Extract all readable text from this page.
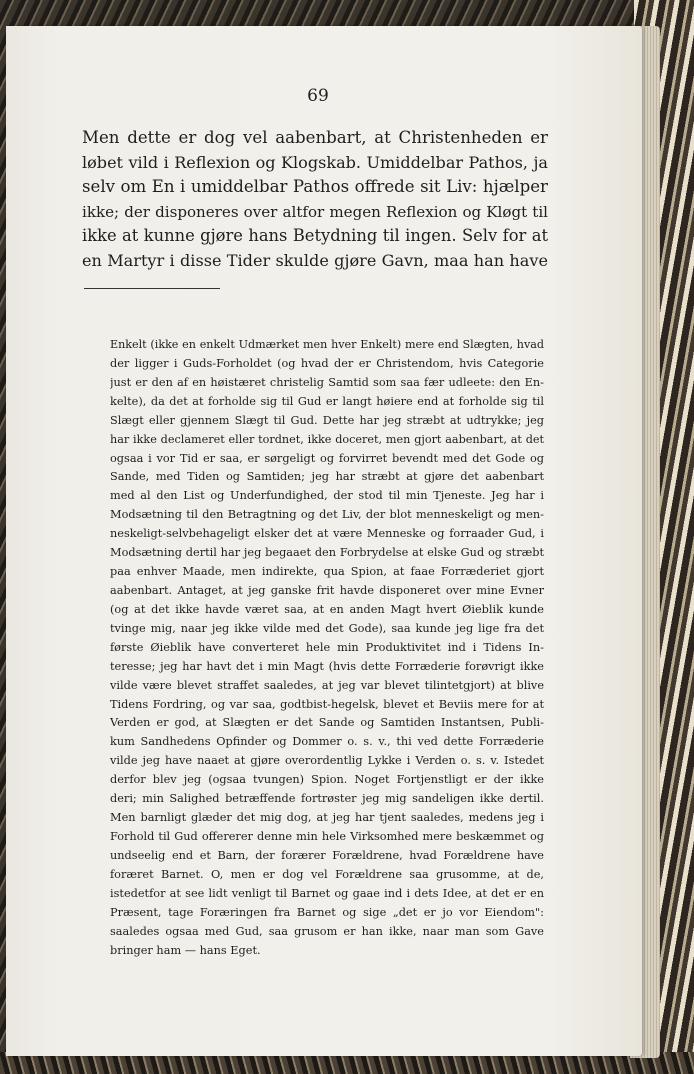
69
Men dette er dog vel aabenbart, at Christenheden er
løbet vild i Reflexion og Klogskab. Umiddelbar Pathos, ja
selv om En i umiddelbar Pathos offrede sit Liv: hjælper
ikke; der disponeres over altfor megen Reflexion og Kløgt til
ikke at kunne gjøre hans Betydning til ingen. Selv for at
en Martyr i disse Tider skulde gjøre Gavn, maa han have
Enkelt (ikke en enkelt Udmærket men hver Enkelt) mere end Slægten, hvad
der ligger i Guds-Forholdet (og hvad der er Christendom, hvis Categorie
just er den af en høistæret christelig Samtid som saa fær udleete: den En-
kelte), da det at forholde sig til Gud er langt høiere end at forholde sig til
Slægt eller gjennem Slægt til Gud. Dette har jeg stræbt at udtrykke; jeg
har ikke declameret eller tordnet, ikke doceret, men gjort aabenbart, at det
ogsaa i vor Tid er saa, er sørgeligt og forvirret bevendt med det Gode og
Sande, med Tiden og Samtiden; jeg har stræbt at gjøre det aabenbart
med al den List og Underfundighed, der stod til min Tjeneste. Jeg har i
Modsætning til den Betragtning og det Liv, der blot menneskeligt og men-
neskeligt-selvbehageligt elsker det at være Menneske og forraader Gud, i
Modsætning dertil har jeg begaaet den Forbrydelse at elske Gud og stræbt
paa enhver Maade, men indirekte, qua Spion, at faae Forræderiet gjort
aabenbart. Antaget, at jeg ganske frit havde disponeret over mine Evner
(og at det ikke havde været saa, at en anden Magt hvert Øieblik kunde
tvinge mig, naar jeg ikke vilde med det Gode), saa kunde jeg lige fra det
første Øieblik have converteret hele min Produktivitet ind i Tidens In-
teresse; jeg har havt det i min Magt (hvis dette Forræderie forøvrigt ikke
vilde være blevet straffet saaledes, at jeg var blevet tilintetgjort) at blive
Tidens Fordring, og var saa, godtbist-hegelsk, blevet et Beviis mere for at
Verden er god, at Slægten er det Sande og Samtiden Instantsen, Publi-
kum Sandhedens Opfinder og Dommer o. s. v., thi ved dette Forræderie
vilde jeg have naaet at gjøre overordentlig Lykke i Verden o. s. v. Istedet
derfor blev jeg (ogsaa tvungen) Spion. Noget Fortjenstligt er der ikke
deri; min Salighed betræffende fortrøster jeg mig sandeligen ikke dertil.
Men barnligt glæder det mig dog, at jeg har tjent saaledes, medens jeg i
Forhold til Gud offererer denne min hele Virksomhed mere beskæmmet og
undseelig end et Barn, der forærer Forældrene, hvad Forældrene have
foræret Barnet. O, men er dog vel Forældrene saa grusomme, at de,
istedetfor at see lidt venligt til Barnet og gaae ind i dets Idee, at det er en
Præsent, tage Foræringen fra Barnet og sige „det er jo vor Eiendom":
saaledes ogsaa med Gud, saa grusom er han ikke, naar man som Gave
bringer ham — hans Eget.
